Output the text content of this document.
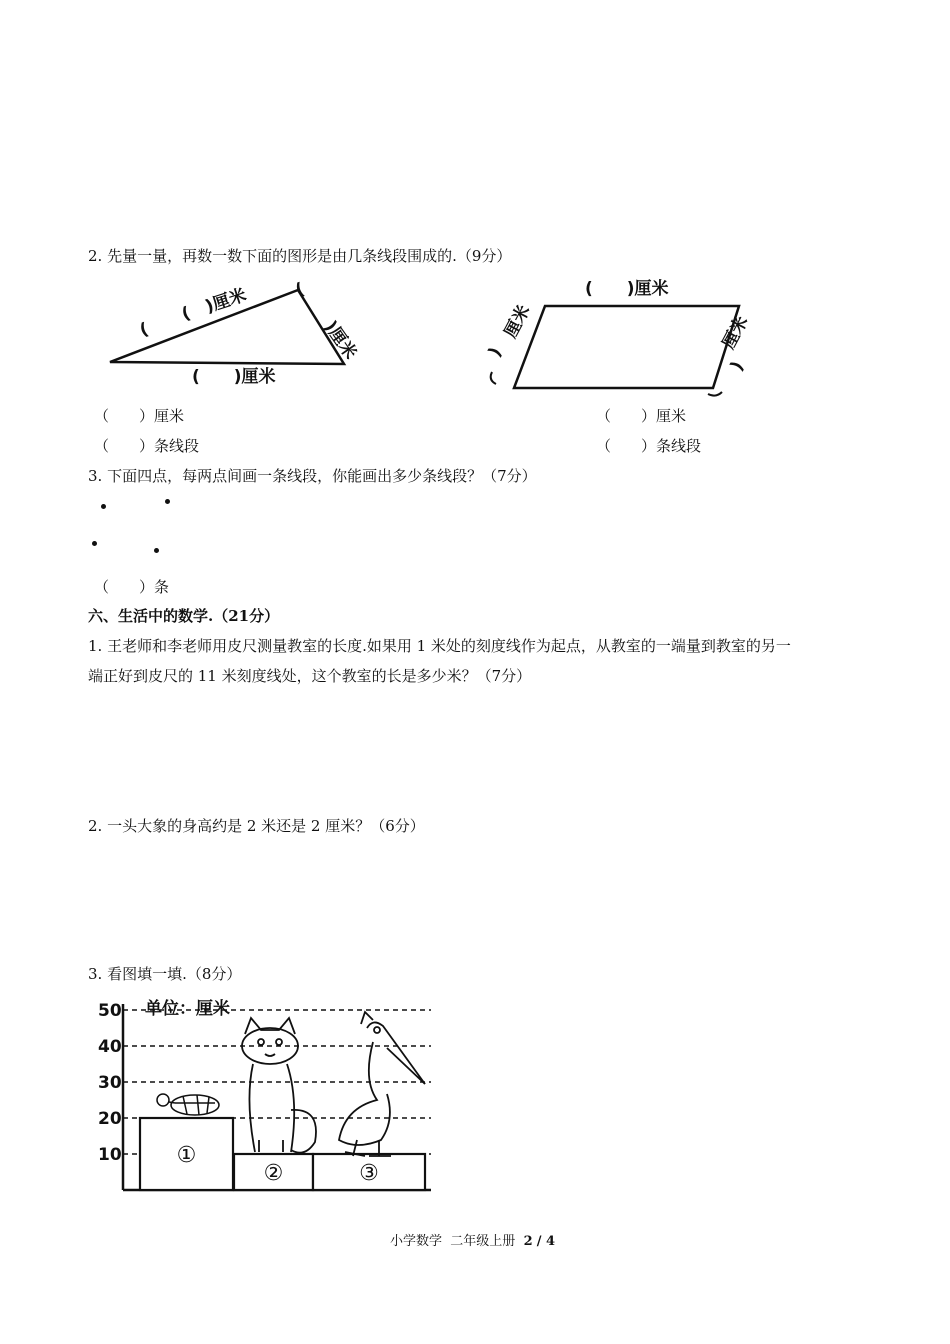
2. 先量一量，再数一数下面的图形是由几条线段围成的.（9分）
(
(　)厘米	(
)厘米
(　　)厘米
(　　)厘米
厘米
)	厘米
)
（　　）厘米
（　　）条线段
（　　）厘米
（　　）条线段
3. 下面四点，每两点间画一条线段，你能画出多少条线段？（7分）
（　　）条
六、生活中的数学.（21分）
1. 王老师和李老师用皮尺测量教室的长度.如果用 1 米处的刻度线作为起点，从教室的一端量到教室的另一
端正好到皮尺的 11 米刻度线处，这个教室的长是多少米？（7分）
2. 一头大象的身高约是 2 米还是 2 厘米？（6分）
3. 看图填一填.（8分）
单位：厘米
10
20
30
40
50
①
②	③
小学数学 二年级上册 2 / 4
